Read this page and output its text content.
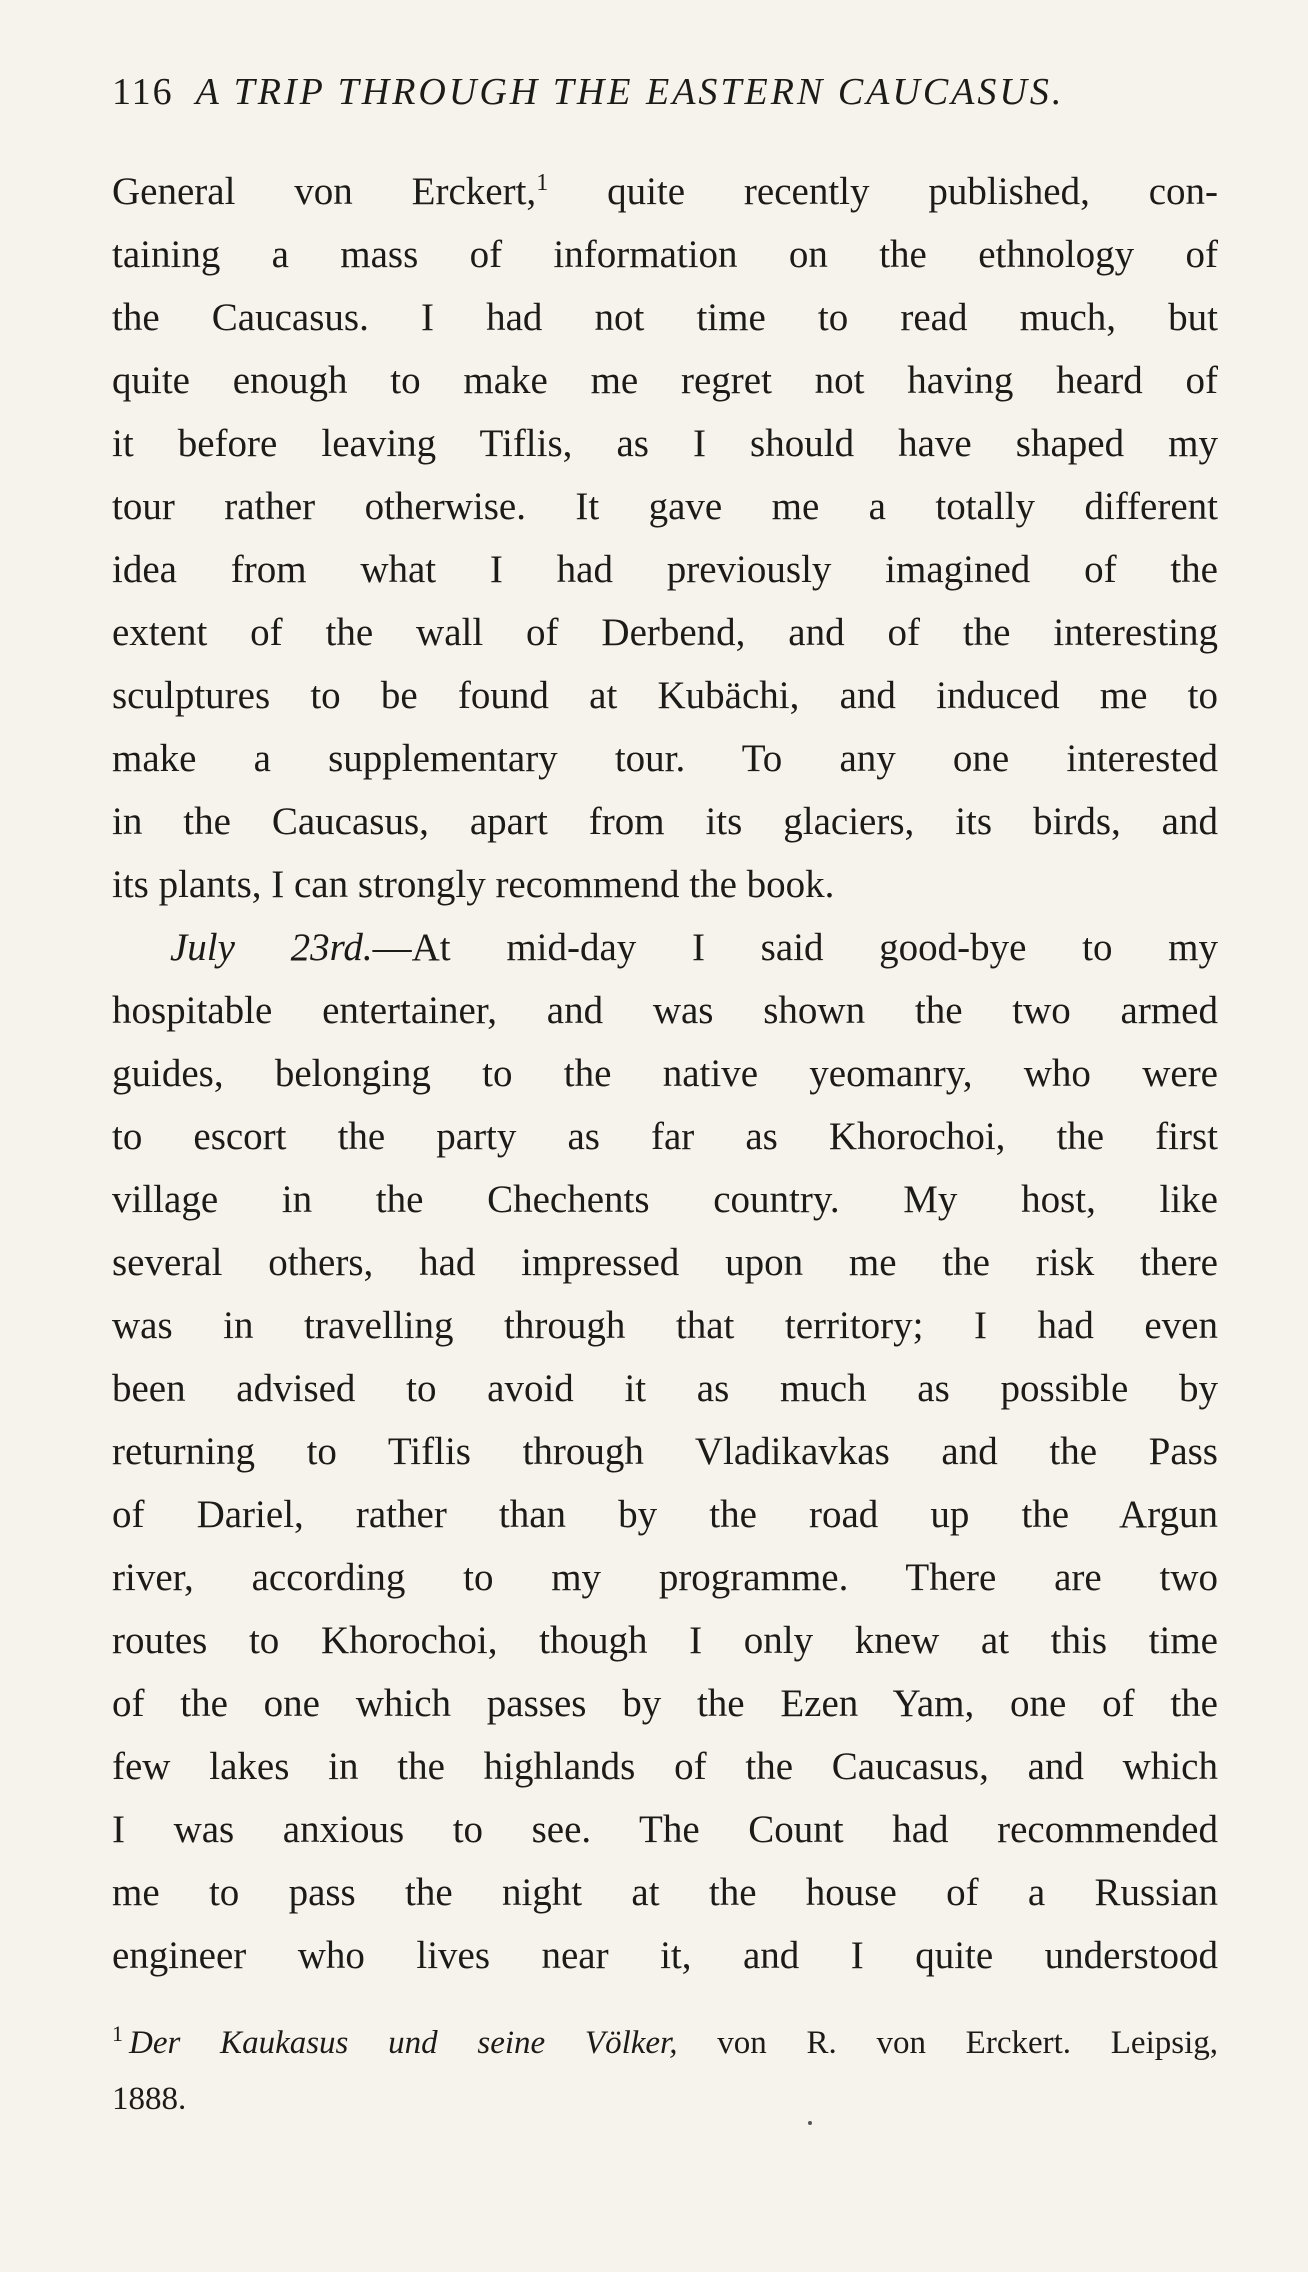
116 A TRIP THROUGH THE EASTERN CAUCASUS.
General von Erckert,$^1$ quite recently published, con-
taining a mass of information on the ethnology of
the Caucasus. I had not time to read much, but
quite enough to make me regret not having heard of
it before leaving Tiflis, as I should have shaped my
tour rather otherwise. It gave me a totally different
idea from what I had previously imagined of the
extent of the wall of Derbend, and of the interesting
sculptures to be found at Kubächi, and induced me to
make a supplementary tour. To any one interested
in the Caucasus, apart from its glaciers, its birds, and
its plants, I can strongly recommend the book.
July 23rd.—At mid-day I said good-bye to my
hospitable entertainer, and was shown the two armed
guides, belonging to the native yeomanry, who were
to escort the party as far as Khorochoi, the first
village in the Chechents country. My host, like
several others, had impressed upon me the risk there
was in travelling through that territory; I had even
been advised to avoid it as much as possible by
returning to Tiflis through Vladikavkas and the Pass
of Dariel, rather than by the road up the Argun
river, according to my programme. There are two
routes to Khorochoi, though I only knew at this time
of the one which passes by the Ezen Yam, one of the
few lakes in the highlands of the Caucasus, and which
I was anxious to see. The Count had recommended
me to pass the night at the house of a Russian
engineer who lives near it, and I quite understood
$^1$ Der Kaukasus und seine Völker, von R. von Erckert. Leipsig,
1888.
